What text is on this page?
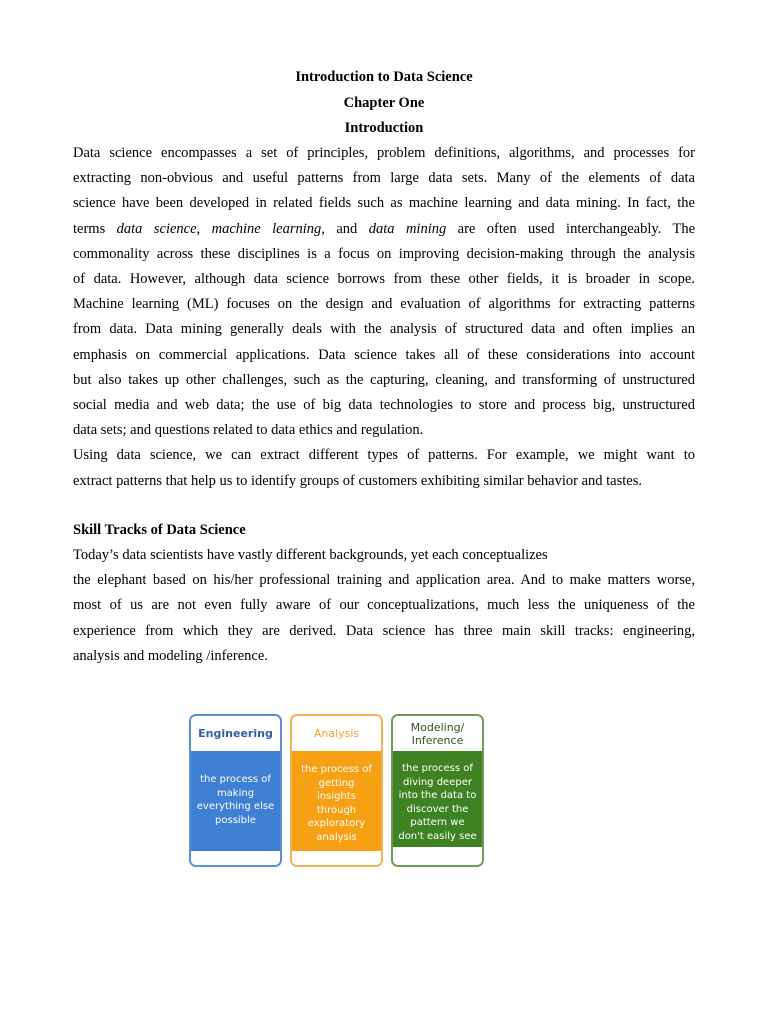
Introduction to Data Science
Chapter One
Introduction
Data science encompasses a set of principles, problem definitions, algorithms, and processes for
extracting non-obvious and useful patterns from large data sets. Many of the elements of data
science have been developed in related fields such as machine learning and data mining. In fact, the
terms data science, machine learning, and data mining are often used interchangeably. The
commonality across these disciplines is a focus on improving decision-making through the analysis
of data. However, although data science borrows from these other fields, it is broader in scope.
Machine learning (ML) focuses on the design and evaluation of algorithms for extracting patterns
from data. Data mining generally deals with the analysis of structured data and often implies an
emphasis on commercial applications. Data science takes all of these considerations into account
but also takes up other challenges, such as the capturing, cleaning, and transforming of unstructured
social media and web data; the use of big data technologies to store and process big, unstructured
data sets; and questions related to data ethics and regulation.
Using data science, we can extract different types of patterns. For example, we might want to
extract patterns that help us to identify groups of customers exhibiting similar behavior and tastes.
Skill Tracks of Data Science
Today’s data scientists have vastly different backgrounds, yet each conceptualizes
the elephant based on his/her professional training and application area. And to make matters worse,
most of us are not even fully aware of our conceptualizations, much less the uniqueness of the
experience from which they are derived. Data science has three main skill tracks: engineering,
analysis and modeling /inference.
Engineering
the process of
making
everything else
possible
Analysis
the process of
getting
insights
through
exploratory
analysis
Modeling/
Inference
the process of
diving deeper
into the data to
discover the
pattern we
don't easily see
